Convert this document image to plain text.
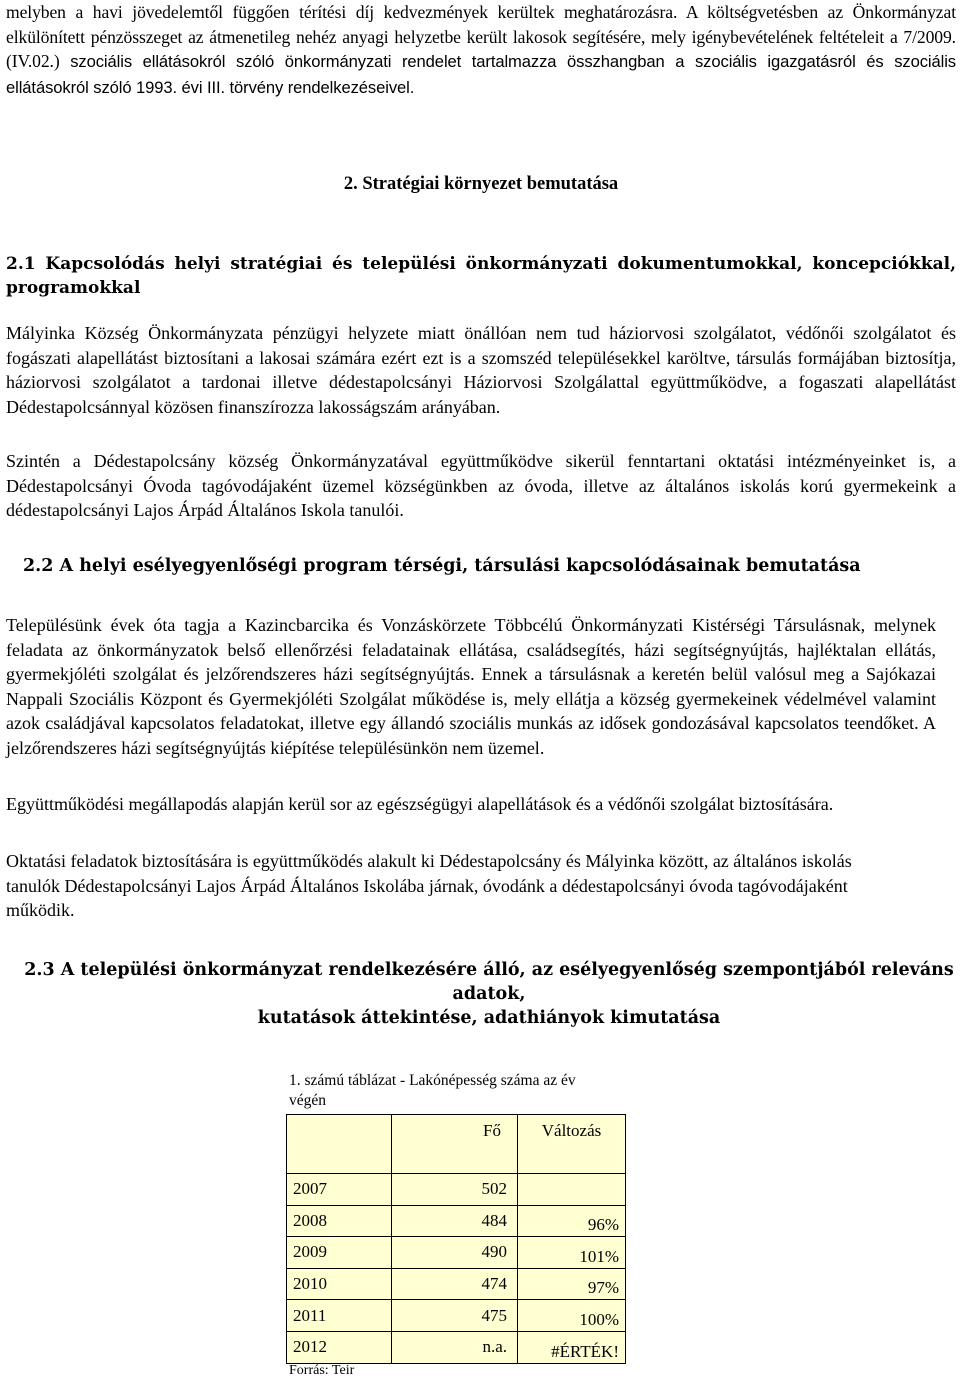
melyben a havi jövedelemtől függően térítési díj kedvezmények kerültek meghatározásra. A költségvetésben az Önkormányzat elkülönített pénzösszeget az átmenetileg nehéz anyagi helyzetbe került lakosok segítésére, mely igénybevételének feltételeit a 7/2009. (IV.02.) szociális ellátásokról szóló önkormányzati rendelet tartalmazza összhangban a szociális igazgatásról és szociális ellátásokról szóló 1993. évi III. törvény rendelkezéseivel.

2. Stratégiai környezet bemutatása
2.1 Kapcsolódás helyi stratégiai és települési önkormányzati dokumentumokkal, koncepciókkal, programokkal

Mályinka Község Önkormányzata pénzügyi helyzete miatt önállóan nem tud háziorvosi szolgálatot, védőnői szolgálatot és fogászati alapellátást biztosítani a lakosai számára ezért ezt is a szomszéd településekkel karöltve, társulás formájában biztosítja, háziorvosi szolgálatot a tardonai illetve dédestapolcsányi Háziorvosi Szolgálattal együttműködve, a fogaszati alapellátást Dédestapolcsánnyal közösen finanszírozza lakosságszám arányában.

Szintén a Dédestapolcsány község Önkormányzatával együttműködve sikerül fenntartani oktatási intézményeinket is, a Dédestapolcsányi Óvoda tagóvodájaként üzemel községünkben az óvoda, illetve az általános iskolás korú gyermekeink a dédestapolcsányi Lajos Árpád Általános Iskola tanulói.

2.2 A helyi esélyegyenlőségi program térségi, társulási kapcsolódásainak bemutatása

Településünk évek óta tagja a Kazincbarcika és Vonzáskörzete Többcélú Önkormányzati Kistérségi Társulásnak, melynek feladata az önkormányzatok belső ellenőrzési feladatainak ellátása, családsegítés, házi segítségnyújtás, hajléktalan ellátás, gyermekjóléti szolgálat és jelzőrendszeres házi segítségnyújtás. Ennek a társulásnak a keretén belül valósul meg a Sajókazai Nappali Szociális Központ és Gyermekjóléti Szolgálat működése is, mely ellátja a község gyermekeinek védelmével valamint azok családjával kapcsolatos feladatokat, illetve egy állandó szociális munkás az idősek gondozásával kapcsolatos teendőket. A jelzőrendszeres házi segítségnyújtás kiépítése településünkön nem üzemel.

Együttműködési megállapodás alapján kerül sor az egészségügyi alapellátások és a védőnői szolgálat biztosítására.

Oktatási feladatok biztosítására is együttműködés alakult ki Dédestapolcsány és Mályinka között, az általános iskolás tanulók Dédestapolcsányi Lajos Árpád Általános Iskolába járnak, óvodánk a dédestapolcsányi óvoda tagóvodájaként működik.

2.3 A települési önkormányzat rendelkezésére álló, az esélyegyenlőség szempontjából releváns adatok,
kutatások áttekintése, adathiányok kimutatása
1. számú táblázat - Lakónépesség száma az év végén
	Fő	Változás
2007	502	
2008	484	96%
2009	490	101%
2010	474	97%
2011	475	100%
2012	n.a.	#ÉRTÉK!
Forrás: Teir
